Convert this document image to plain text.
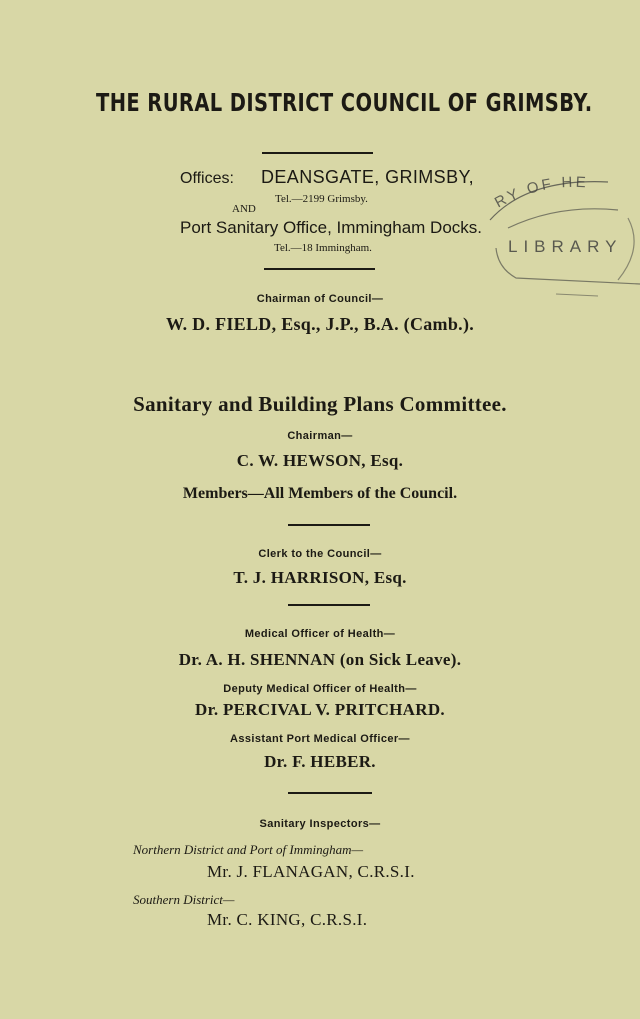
THE RURAL DISTRICT COUNCIL OF GRIMSBY.
Offices: DEANSGATE, GRIMSBY,
Tel.—2199 Grimsby.
AND
Port Sanitary Office, Immingham Docks.
Tel.—18 Immingham.
RY OF HE
LIBRARY
Chairman of Council—
W. D. FIELD, Esq., J.P., B.A. (Camb.).
Sanitary and Building Plans Committee.
Chairman—
C. W. HEWSON, Esq.
Members—All Members of the Council.
Clerk to the Council—
T. J. HARRISON, Esq.
Medical Officer of Health—
Dr. A. H. SHENNAN (on Sick Leave).
Deputy Medical Officer of Health—
Dr. PERCIVAL V. PRITCHARD.
Assistant Port Medical Officer—
Dr. F. HEBER.
Sanitary Inspectors—
Northern District and Port of Immingham—
Mr. J. FLANAGAN, C.R.S.I.
Southern District—
Mr. C. KING, C.R.S.I.
